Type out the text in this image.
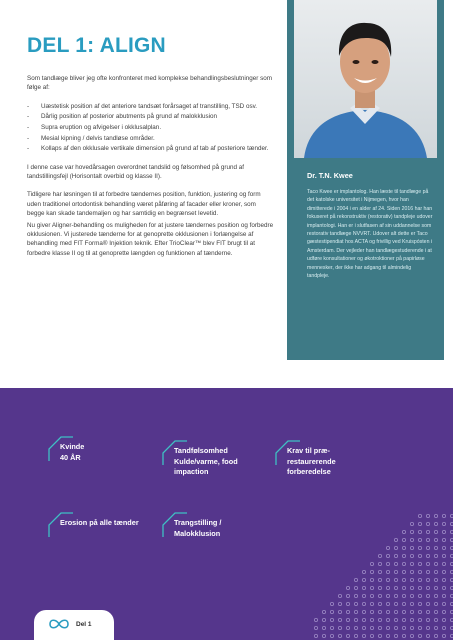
DEL 1: ALIGN

Som tandlæge bliver jeg ofte konfronteret med komplekse behandlingsbeslutninger som følge af:

- Uæstetisk position af det anteriore tandsæt forårsaget af transtilling, TSD osv.
- Dårlig position af posterior abutments på grund af malokklusion
- Supra eruption og afvigelser i okklusalplan.
- Mesial kipning / delvis tandløse områder.
- Kollaps af den okklusale vertikale dimension på grund af tab af posteriore tænder.

I denne case var hovedårsagen overordnet tandslid og følsomhed på grund af tandstillingsfejl (Horisontalt overbid og klasse II).

Tidligere har løsningen til at forbedre tændernes position, funktion, justering og form uden traditionel ortodontisk behandling været påføring af facader eller kroner, som begge kan skade tandemaljen og har samtidig en begrænset levetid.

Nu giver Aligner-behandling os muligheden for at justere tændernes position og forbedre okklusionen. Vi justerede tænderne for at genoprette okklusionen i forlængelse af behandling med FIT Forma® Injektion teknik. Efter TrioClear™ blev FIT brugt til at forbedre klasse II og til at genoprette længden og funktionen af tænderne.

Dr. T.N. Kwee
Taco Kwee er implantolog. Han læste til tandlæge på det katolske universitet i Nijmegen, hvor han dimitterede i 2004 i en alder af 24. Siden 2016 har han fokuseret på rekonstruktiv (restorativ) tandpleje udover implantologi. Han er i slutfasen af sin uddannelse som restorativ tandlæge NVVRT. Udover alt dette er Taco gæstestipendiat hos ACTA og frivillig ved Kruispósten i Amsterdam. Der vejleder han tandlægestuderende i at udføre konsultationer og økotroktioner på papirløse mennesker, der ikke har adgang til almindelig tandpleje.
Kvinde
40 ÅR
Tandfølsomhed
Kulde/varme, food
impaction
Krav til præ-
restaurerende
forberedelse
Erosion på alle tænder	Trangstilling /
Malokklusion
Del 1
